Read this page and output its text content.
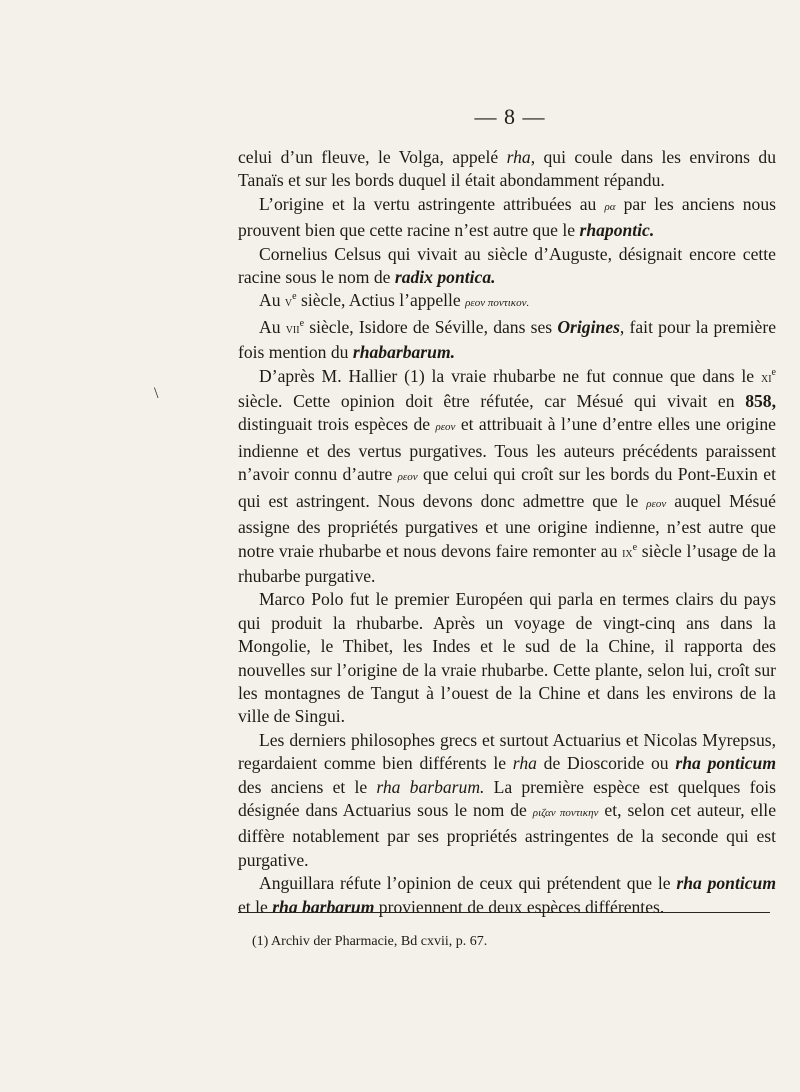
— 8 —
\

celui d’un fleuve, le Volga, appelé rha, qui coule dans les environs du Tanaïs et sur les bords duquel il était abondamment répandu.

L’origine et la vertu astringente attribuées au ρα par les anciens nous prouvent bien que cette racine n’est autre que le rhapontic.

Cornelius Celsus qui vivait au siècle d’Auguste, désignait encore cette racine sous le nom de radix pontica.

Au $v^e$ siècle, Actius l’appelle ρεον ποντικον.

Au vii$^e$ siècle, Isidore de Séville, dans ses Origines, fait pour la première fois mention du rhabarbarum.

D’après M. Hallier (1) la vraie rhubarbe ne fut connue que dans le $xi^e$ siècle. Cette opinion doit être réfutée, car Mésué qui vivait en 858, distinguait trois espèces de ρεον et attribuait à l’une d’entre elles une origine indienne et des vertus purgatives. Tous les auteurs précédents paraissent n’avoir connu d’autre ρεον que celui qui croît sur les bords du Pont-Euxin et qui est astringent. Nous devons donc admettre que le ρεον auquel Mésué assigne des propriétés purgatives et une origine indienne, n’est autre que notre vraie rhubarbe et nous devons faire remonter au $ix^e$ siècle l’usage de la rhubarbe purgative.

Marco Polo fut le premier Européen qui parla en termes clairs du pays qui produit la rhubarbe. Après un voyage de vingt-cinq ans dans la Mongolie, le Thibet, les Indes et le sud de la Chine, il rapporta des nouvelles sur l’origine de la vraie rhubarbe. Cette plante, selon lui, croît sur les montagnes de Tangut à l’ouest de la Chine et dans les environs de la ville de Singui.

Les derniers philosophes grecs et surtout Actuarius et Nicolas Myrepsus, regardaient comme bien différents le rha de Dioscoride ou rha ponticum des anciens et le rha barbarum. La première espèce est quelques fois désignée dans Actuarius sous le nom de ριζαν ποντικην et, selon cet auteur, elle diffère notablement par ses propriétés astringentes de la seconde qui est purgative.

Anguillara réfute l’opinion de ceux qui prétendent que le rha ponticum et le rha barbarum proviennent de deux espèces différentes.

(1) Archiv der Pharmacie, Bd cxvii, p. 67.
